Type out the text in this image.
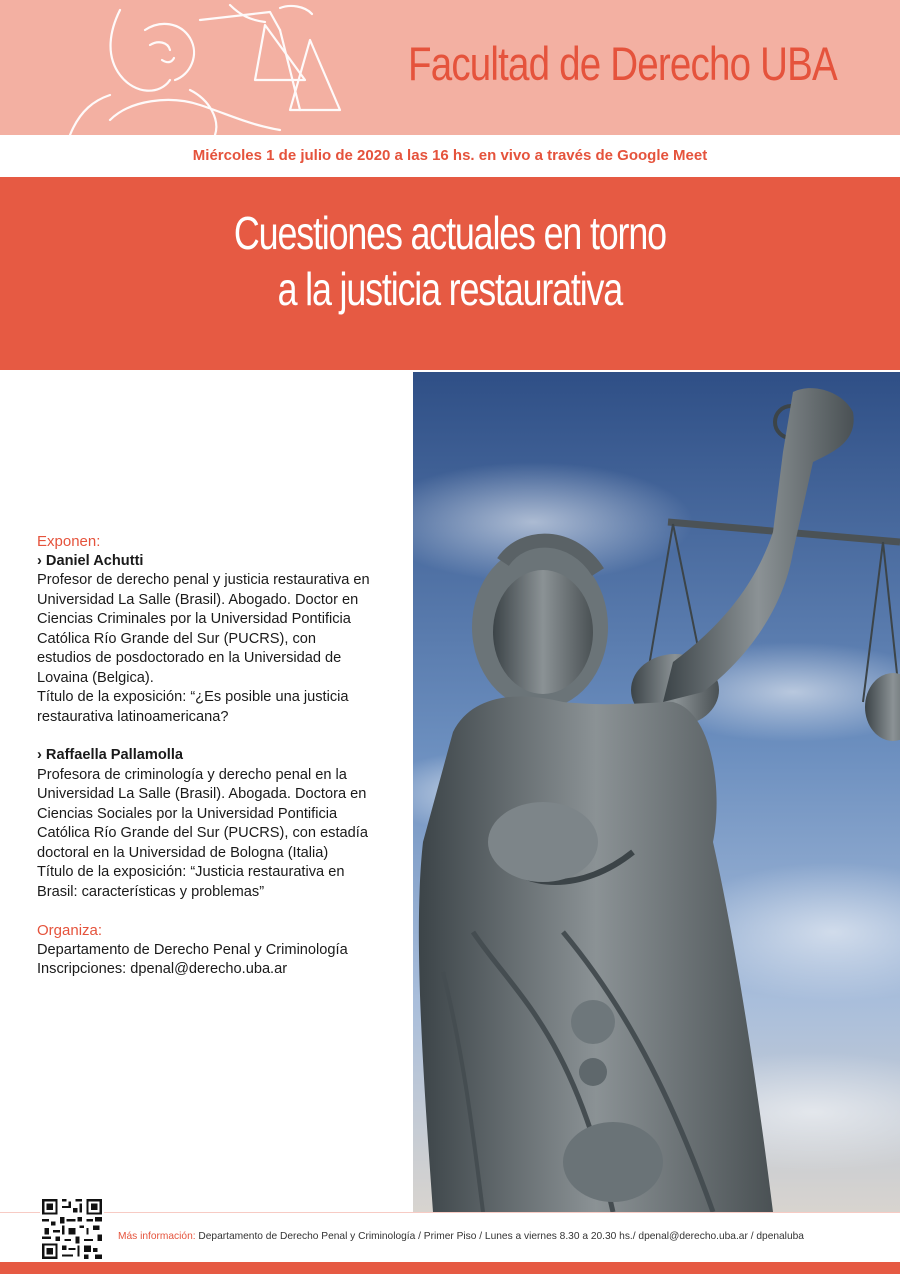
Facultad de Derecho UBA
Miércoles 1 de julio de 2020 a las 16 hs. en vivo a través de Google Meet
Cuestiones actuales en torno
a la justicia restaurativa
Exponen:
› Daniel Achutti
Profesor de derecho penal y justicia restaurativa en
Universidad La Salle (Brasil). Abogado. Doctor en
Ciencias Criminales por la Universidad Pontificia
Católica Río Grande del Sur (PUCRS), con
estudios de posdoctorado en la Universidad de
Lovaina (Belgica).
Título de la exposición: “¿Es posible una justicia
restaurativa latinoamericana?
› Raffaella Pallamolla
Profesora de criminología y derecho penal en la
Universidad La Salle (Brasil). Abogada. Doctora en
Ciencias Sociales por la Universidad Pontificia
Católica Río Grande del Sur (PUCRS), con estadía
doctoral en la Universidad de Bologna (Italia)
Título de la exposición: “Justicia restaurativa en
Brasil: características y problemas”
Organiza:
Departamento de Derecho Penal y Criminología
Inscripciones: dpenal@derecho.uba.ar
Más información: Departamento de Derecho Penal y Criminología / Primer Piso / Lunes a viernes 8.30 a 20.30 hs./ dpenal@derecho.uba.ar / dpenaluba
